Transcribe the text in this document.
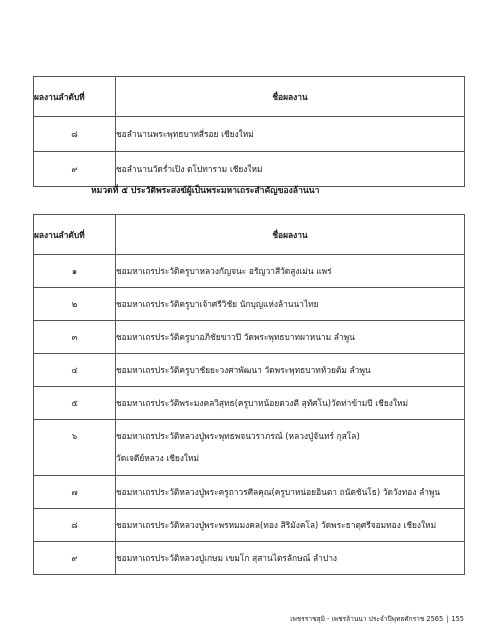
ผลงานลำดับที่	ชื่อผลงาน
๘	ชอลำนานพระพุทธบาทสี่รอย เชียงใหม่
๙	ชอลำนานวัดร่ำเปิง ตโปทาราม เชียงใหม่
หมวดที่ ๕ ประวัติพระสงฆ์ผู้เป็นพระมหาเถระสำคัญของล้านนา
ผลงานลำดับที่	ชื่อผลงาน
๑	ชอมหาเถรประวัติครูบาหลวงกัญจนะ อรัญวาสีวัดสูงเม่น แพร่
๒	ชอมหาเถรประวัติครูบาเจ้าศรีวิชัย นักบุญแห่งล้านนาไทย
๓	ชอมหาเถรประวัติครูบาอภิชัยขาวปี วัดพระพุทธบาทผาหนาม ลำพูน
๔	ชอมหาเถรประวัติครูบาชัยยะวงศาพัฒนา วัดพระพุทธบาทห้วยต้ม ลำพูน
๕	ชอมหาเถรประวัติพระมงคลวิสุทธ(ครูบาหน้อยตวงตี สุทัศโน)วัดท่าข้ามปี เชียงใหม่
๖	ชอมหาเถรประวัติหลวงปู่พระพุทธพจนวราภรณ์ (หลวงปู่จันทร์ กุสโล)
วัดเจดีย์หลวง เชียงใหม่

๗	ชอมหาเถรประวัติหลวงปู่พระครูถาวรศีลคุณ(ครูบาหน่อยอินตา ถนัดชันโธ) วัดวังทอง ลำพูน
๘	ชอมหาเถรประวัติหลวงปู่พระพรหมมงคล(ทอง สิริมังคโล) วัดพระธาตุศรีจอมทอง เชียงใหม่
๙	ชอมหาเถรประวัติหลวงปู่เกษม เขมโก สุสานไตรลักษณ์ ลำปาง
เพชรราชสุมิ - เพชรล้านนา ประจำปีพุทธศักราช 2565 | 155
